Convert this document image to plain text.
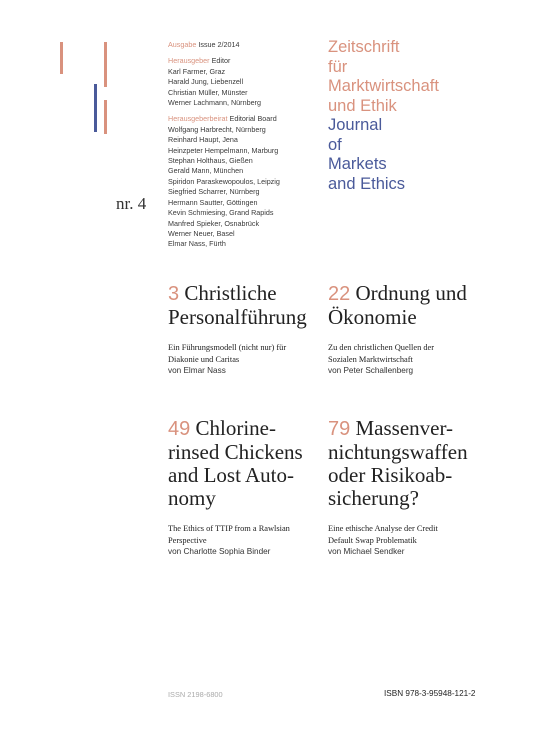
nr. 4
Ausgabe Issue 2/2014
Herausgeber Editor
Karl Farmer, Graz
Harald Jung, Liebenzell
Christian Müller, Münster
Werner Lachmann, Nürnberg
Herausgeberbeirat Editorial Board
Wolfgang Harbrecht, Nürnberg
Reinhard Haupt, Jena
Heinzpeter Hempelmann, Marburg
Stephan Holthaus, Gießen
Gerald Mann, München
Spiridon Paraskewopoulos, Leipzig
Siegfried Scharrer, Nürnberg
Hermann Sautter, Göttingen
Kevin Schmiesing, Grand Rapids
Manfred Spieker, Osnabrück
Werner Neuer, Basel
Elmar Nass, Fürth
Zeitschrift
für
Marktwirtschaft
und Ethik
Journal
of
Markets
and Ethics
3 Christliche
Personalführung
Ein Führungsmodell (nicht nur) für
Diakonie und Caritas
von Elmar Nass
22 Ordnung und
Ökonomie
Zu den christlichen Quellen der
Sozialen Marktwirtschaft
von Peter Schallenberg
49 Chlorine-
rinsed Chickens
and Lost Auto-
nomy
The Ethics of TTIP from a Rawlsian
Perspective
von Charlotte Sophia Binder
79 Massenver-
nichtungswaffen
oder Risikoab-
sicherung?
Eine ethische Analyse der Credit
Default Swap Problematik
von Michael Sendker
ISSN 2198-6800	ISBN 978-3-95948-121-2
